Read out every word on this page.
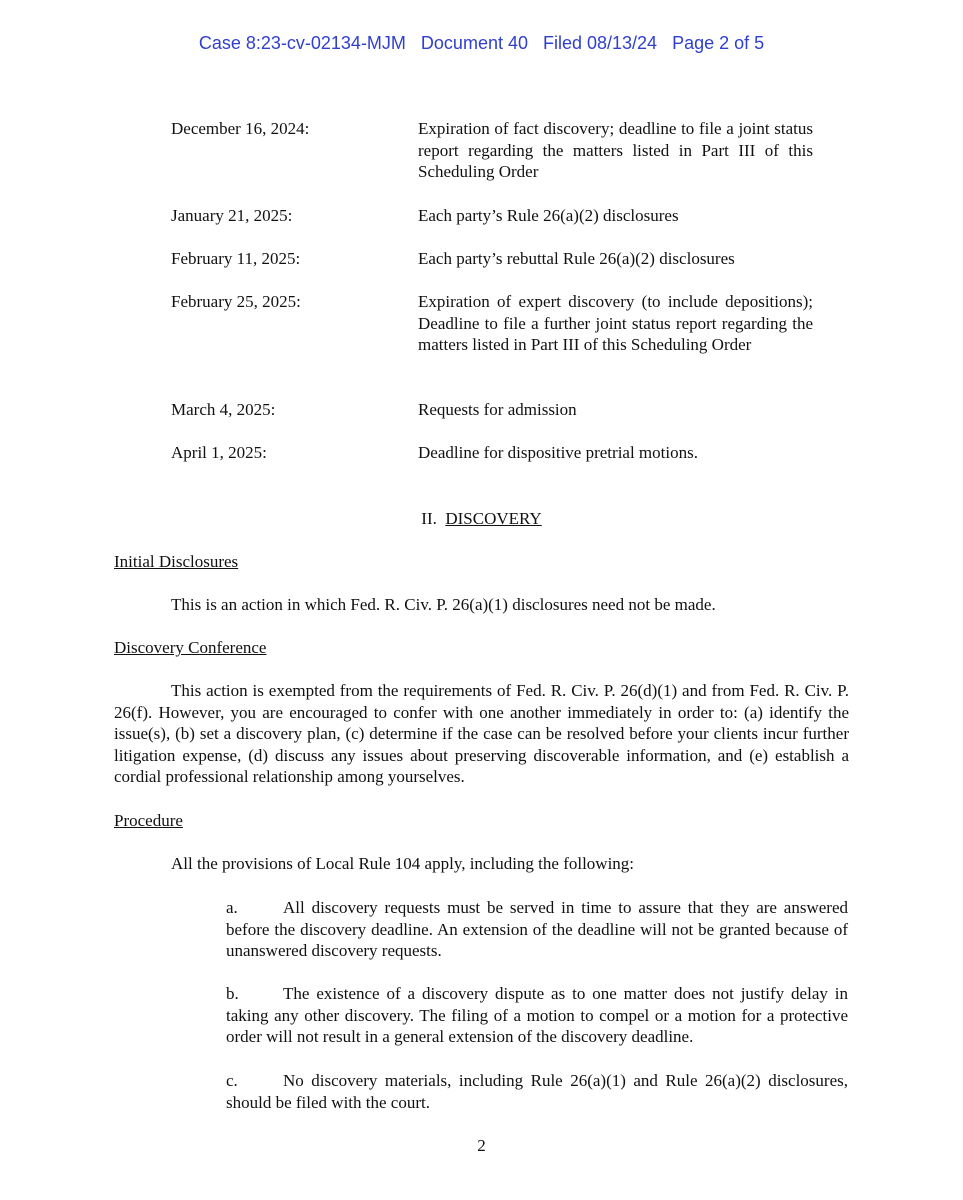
Case 8:23-cv-02134-MJM   Document 40   Filed 08/13/24   Page 2 of 5
December 16, 2024:	Expiration of fact discovery; deadline to file a joint status report regarding the matters listed in Part III of this Scheduling Order
January 21, 2025:	Each party’s Rule 26(a)(2) disclosures
February 11, 2025:	Each party’s rebuttal Rule 26(a)(2) disclosures
February 25, 2025:	Expiration of expert discovery (to include depositions); Deadline to file a further joint status report regarding the matters listed in Part III of this Scheduling Order
March 4, 2025:	Requests for admission
April 1, 2025:	Deadline for dispositive pretrial motions.
II. DISCOVERY
Initial Disclosures
This is an action in which Fed. R. Civ. P. 26(a)(1) disclosures need not be made.
Discovery Conference
This action is exempted from the requirements of Fed. R. Civ. P. 26(d)(1) and from Fed. R. Civ. P. 26(f). However, you are encouraged to confer with one another immediately in order to: (a) identify the issue(s), (b) set a discovery plan, (c) determine if the case can be resolved before your clients incur further litigation expense, (d) discuss any issues about preserving discoverable information, and (e) establish a cordial professional relationship among yourselves.
Procedure
All the provisions of Local Rule 104 apply, including the following:
a.	All discovery requests must be served in time to assure that they are answered before the discovery deadline. An extension of the deadline will not be granted because of unanswered discovery requests.
b.	The existence of a discovery dispute as to one matter does not justify delay in taking any other discovery. The filing of a motion to compel or a motion for a protective order will not result in a general extension of the discovery deadline.
c.	No discovery materials, including Rule 26(a)(1) and Rule 26(a)(2) disclosures, should be filed with the court.
2
